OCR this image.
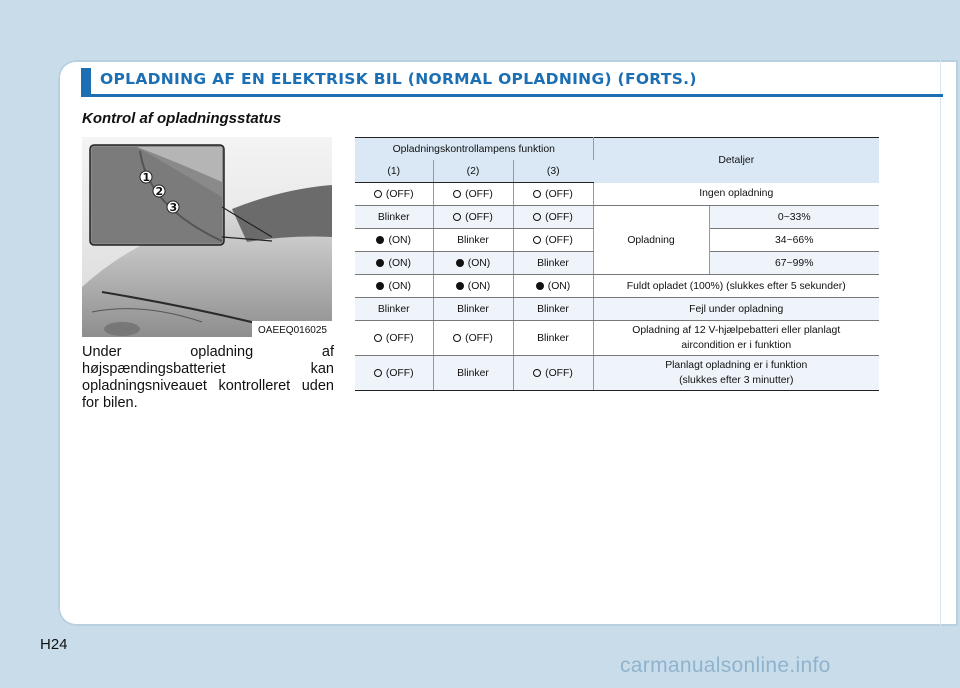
OPLADNING AF EN ELEKTRISK BIL (NORMAL OPLADNING) (FORTS.)
Kontrol af opladningsstatus
1
2
3
OAEEQ016025
Under opladning af højspændingsbatteriet kan opladningsniveauet kontrolleret uden for bilen.
Opladningskontrollampens funktion			Detaljer	
(1)	(2)	(3)		
(OFF)	(OFF)	(OFF)	Ingen opladning	
Blinker	(OFF)	(OFF)	Opladning	0~33%
(ON)	Blinker	(OFF)		34~66%
(ON)	(ON)	Blinker		67~99%
(ON)	(ON)	(ON)	Fuldt opladet (100%) (slukkes efter 5 sekunder)	
Blinker	Blinker	Blinker	Fejl under opladning	
(OFF)	(OFF)	Blinker	Opladning af 12 V-hjælpebatteri eller planlagt
aircondition er i funktion	
(OFF)	Blinker	(OFF)	Planlagt opladning er i funktion
(slukkes efter 3 minutter)	
H24
carmanualsonline.info
